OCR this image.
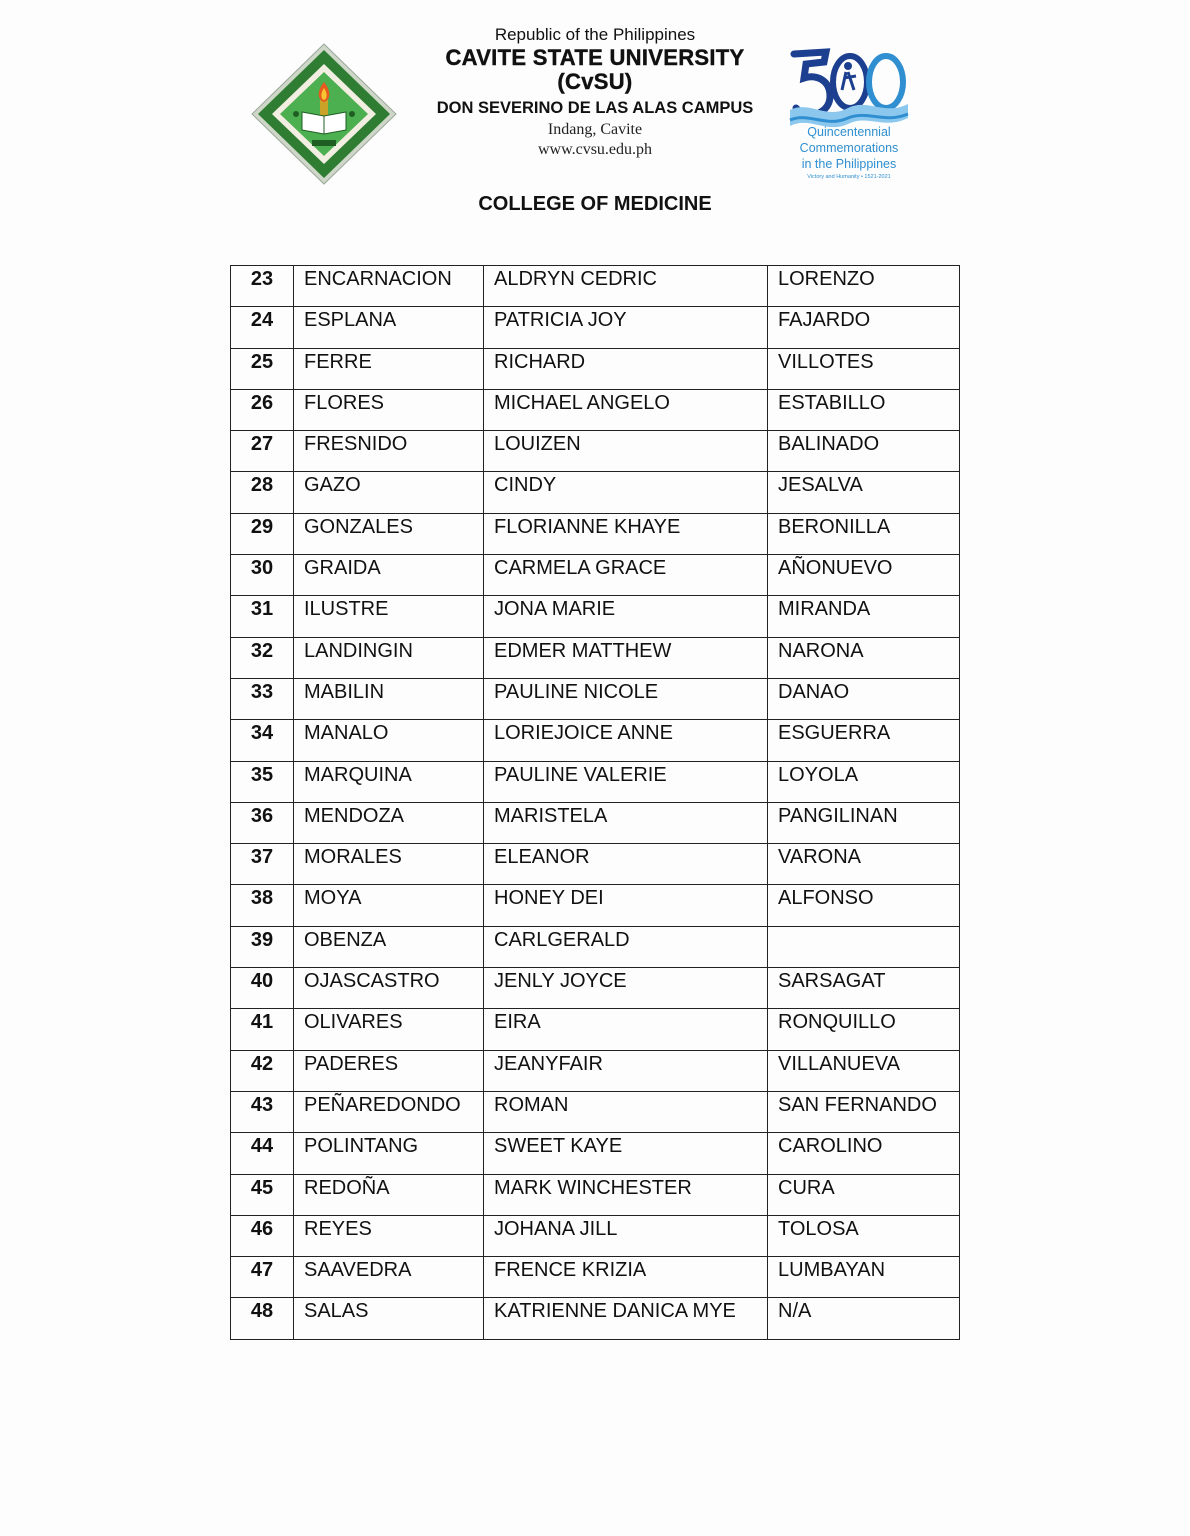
Republic of the Philippines
CAVITE STATE UNIVERSITY
(CvSU)
DON SEVERINO DE LAS ALAS CAMPUS
Indang, Cavite
www.cvsu.edu.ph
Quincentennial
Commemorations
in the Philippines
Victory and Humanity • 1521-2021
COLLEGE OF MEDICINE
23	ENCARNACION	ALDRYN CEDRIC	LORENZO
24	ESPLANA	PATRICIA JOY	FAJARDO
25	FERRE	RICHARD	VILLOTES
26	FLORES	MICHAEL ANGELO	ESTABILLO
27	FRESNIDO	LOUIZEN	BALINADO
28	GAZO	CINDY	JESALVA
29	GONZALES	FLORIANNE KHAYE	BERONILLA
30	GRAIDA	CARMELA GRACE	AÑONUEVO
31	ILUSTRE	JONA MARIE	MIRANDA
32	LANDINGIN	EDMER MATTHEW	NARONA
33	MABILIN	PAULINE NICOLE	DANAO
34	MANALO	LORIEJOICE ANNE	ESGUERRA
35	MARQUINA	PAULINE VALERIE	LOYOLA
36	MENDOZA	MARISTELA	PANGILINAN
37	MORALES	ELEANOR	VARONA
38	MOYA	HONEY DEI	ALFONSO
39	OBENZA	CARLGERALD	
40	OJASCASTRO	JENLY JOYCE	SARSAGAT
41	OLIVARES	EIRA	RONQUILLO
42	PADERES	JEANYFAIR	VILLANUEVA
43	PEÑAREDONDO	ROMAN	SAN FERNANDO
44	POLINTANG	SWEET KAYE	CAROLINO
45	REDOÑA	MARK WINCHESTER	CURA
46	REYES	JOHANA JILL	TOLOSA
47	SAAVEDRA	FRENCE KRIZIA	LUMBAYAN
48	SALAS	KATRIENNE DANICA MYE	N/A
